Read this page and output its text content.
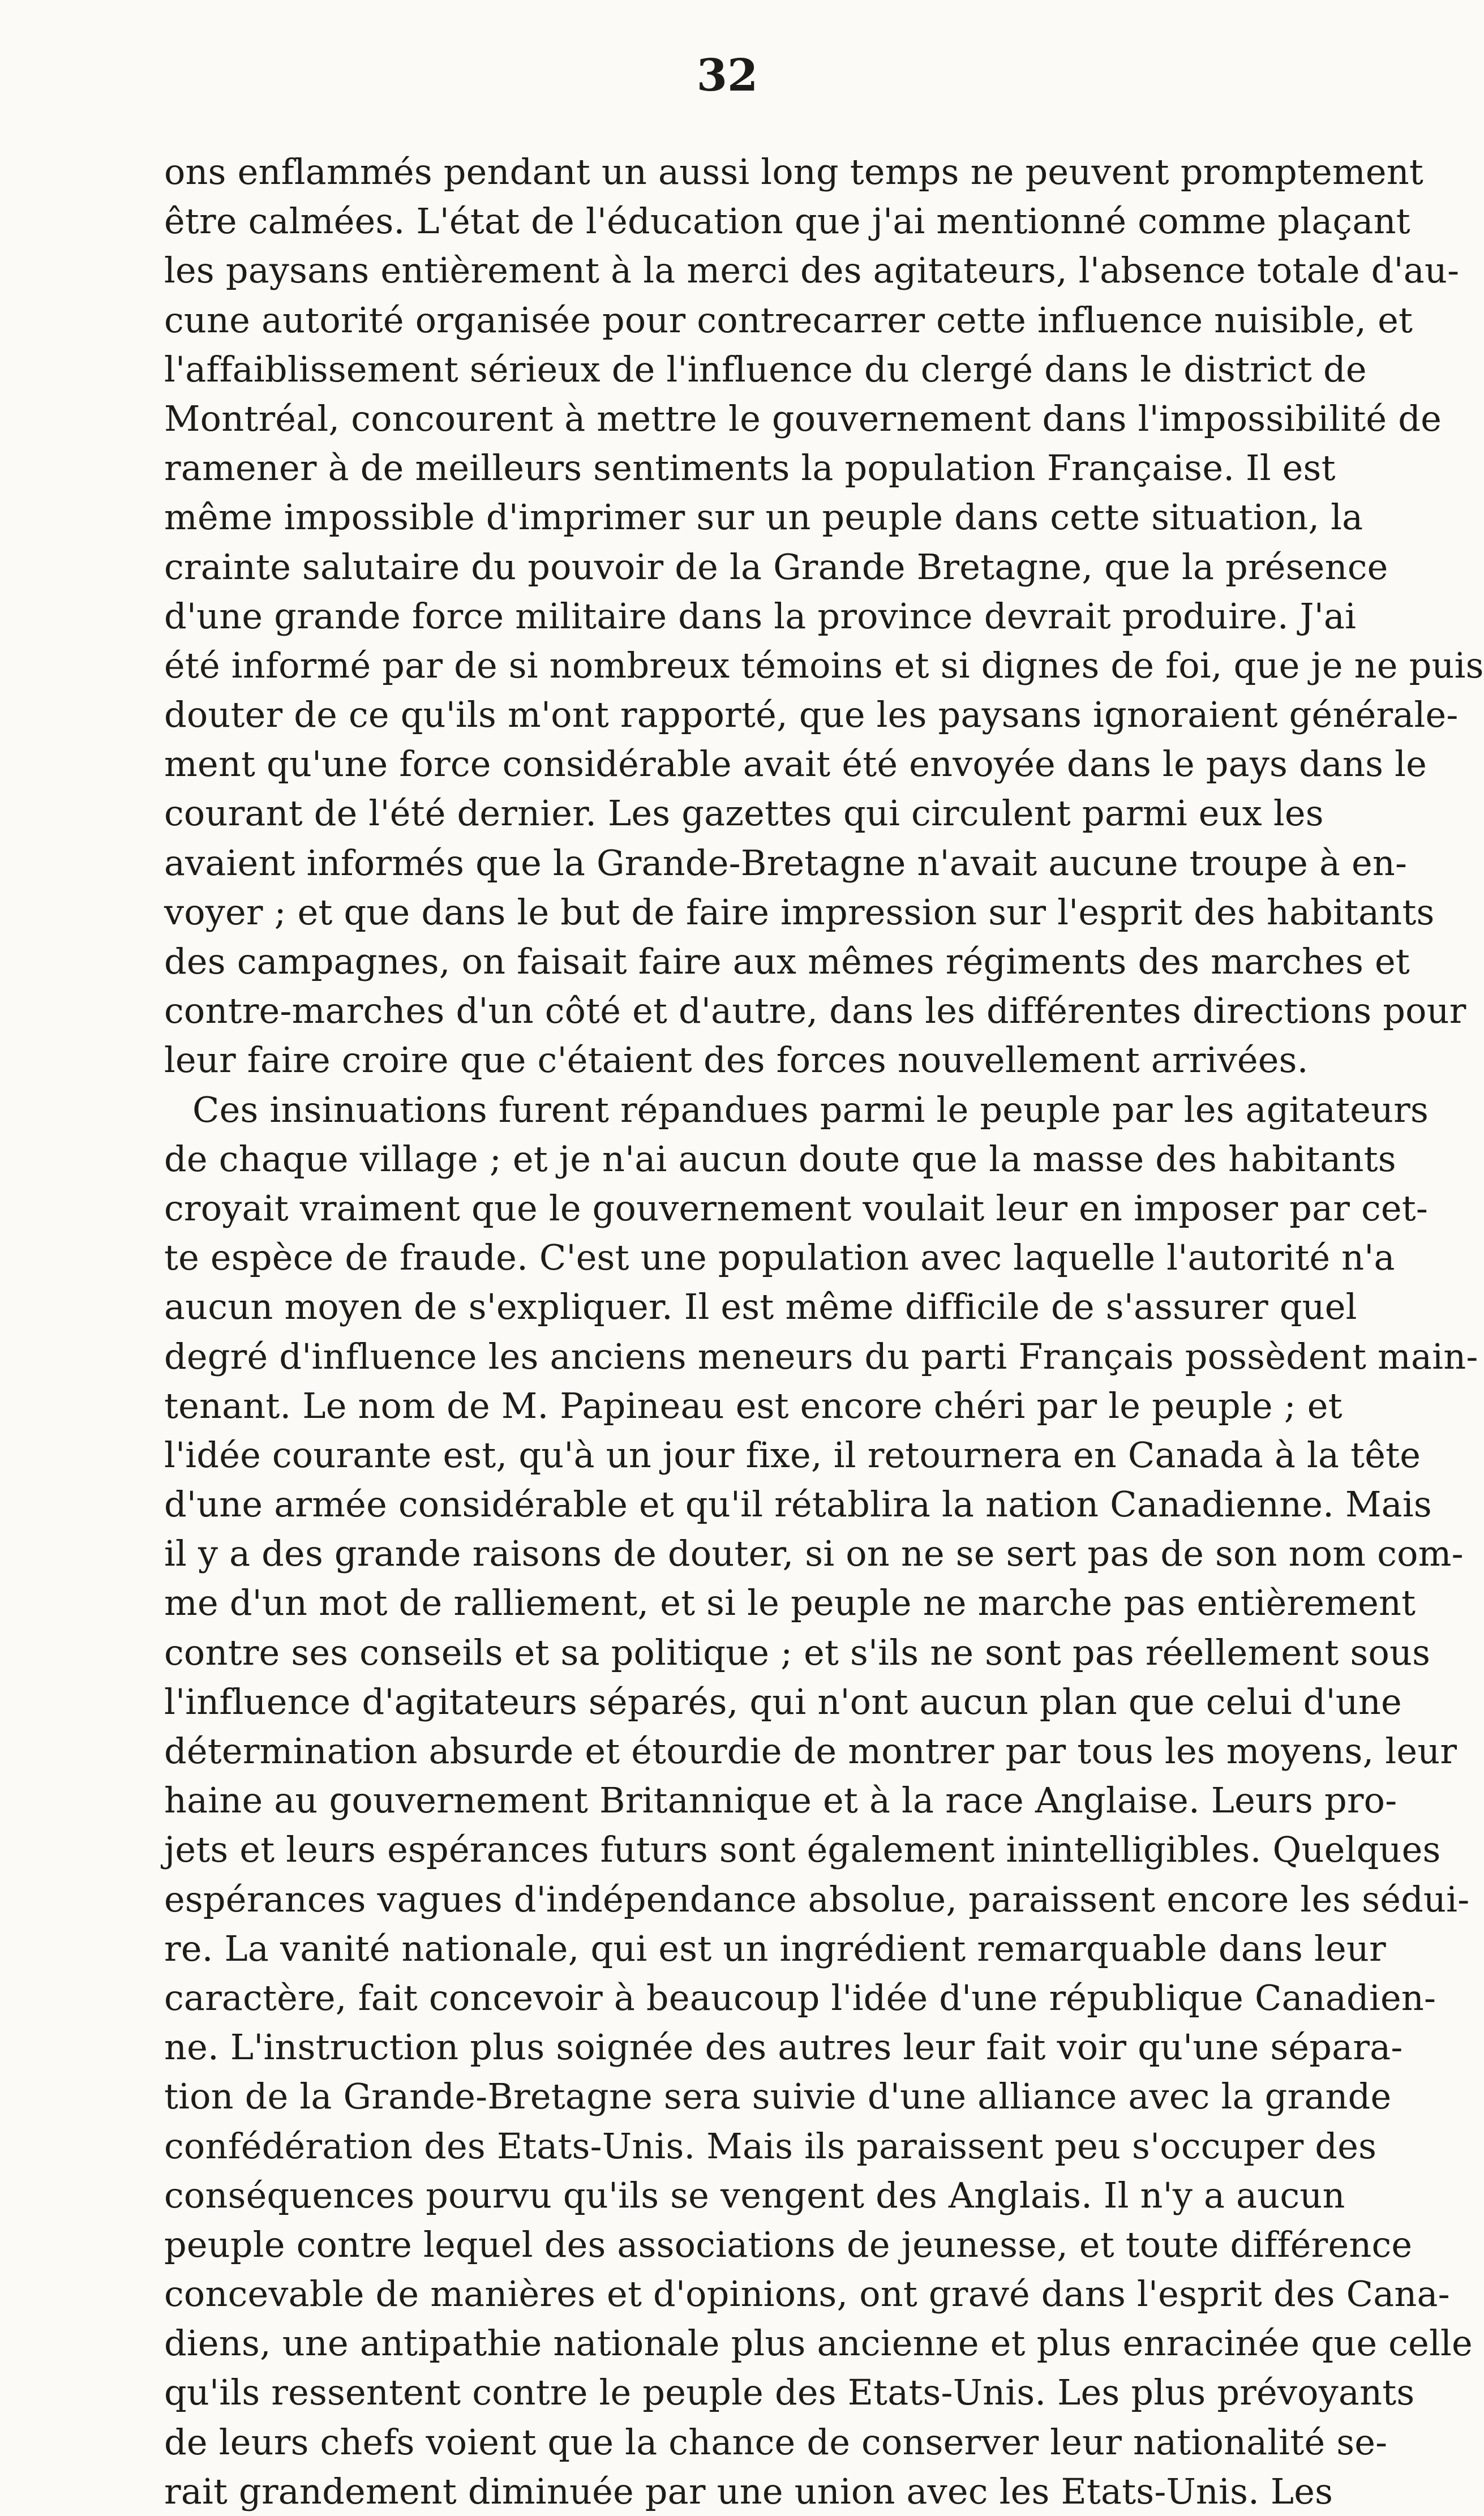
32
ons enflammés pendant un aussi long temps ne peuvent promptement
être calmées. L'état de l'éducation que j'ai mentionné comme plaçant
les paysans entièrement à la merci des agitateurs, l'absence totale d'au-
cune autorité organisée pour contrecarrer cette influence nuisible, et
l'affaiblissement sérieux de l'influence du clergé dans le district de
Montréal, concourent à mettre le gouvernement dans l'impossibilité de
ramener à de meilleurs sentiments la population Française. Il est
même impossible d'imprimer sur un peuple dans cette situation, la
crainte salutaire du pouvoir de la Grande Bretagne, que la présence
d'une grande force militaire dans la province devrait produire. J'ai
été informé par de si nombreux témoins et si dignes de foi, que je ne puis
douter de ce qu'ils m'ont rapporté, que les paysans ignoraient générale-
ment qu'une force considérable avait été envoyée dans le pays dans le
courant de l'été dernier. Les gazettes qui circulent parmi eux les
avaient informés que la Grande-Bretagne n'avait aucune troupe à en-
voyer ; et que dans le but de faire impression sur l'esprit des habitants
des campagnes, on faisait faire aux mêmes régiments des marches et
contre-marches d'un côté et d'autre, dans les différentes directions pour
leur faire croire que c'étaient des forces nouvellement arrivées.
Ces insinuations furent répandues parmi le peuple par les agitateurs
de chaque village ; et je n'ai aucun doute que la masse des habitants
croyait vraiment que le gouvernement voulait leur en imposer par cet-
te espèce de fraude. C'est une population avec laquelle l'autorité n'a
aucun moyen de s'expliquer. Il est même difficile de s'assurer quel
degré d'influence les anciens meneurs du parti Français possèdent main-
tenant. Le nom de M. Papineau est encore chéri par le peuple ; et
l'idée courante est, qu'à un jour fixe, il retournera en Canada à la tête
d'une armée considérable et qu'il rétablira la nation Canadienne. Mais
il y a des grande raisons de douter, si on ne se sert pas de son nom com-
me d'un mot de ralliement, et si le peuple ne marche pas entièrement
contre ses conseils et sa politique ; et s'ils ne sont pas réellement sous
l'influence d'agitateurs séparés, qui n'ont aucun plan que celui d'une
détermination absurde et étourdie de montrer par tous les moyens, leur
haine au gouvernement Britannique et à la race Anglaise. Leurs pro-
jets et leurs espérances futurs sont également inintelligibles. Quelques
espérances vagues d'indépendance absolue, paraissent encore les sédui-
re. La vanité nationale, qui est un ingrédient remarquable dans leur
caractère, fait concevoir à beaucoup l'idée d'une république Canadien-
ne. L'instruction plus soignée des autres leur fait voir qu'une sépara-
tion de la Grande-Bretagne sera suivie d'une alliance avec la grande
confédération des Etats-Unis. Mais ils paraissent peu s'occuper des
conséquences pourvu qu'ils se vengent des Anglais. Il n'y a aucun
peuple contre lequel des associations de jeunesse, et toute différence
concevable de manières et d'opinions, ont gravé dans l'esprit des Cana-
diens, une antipathie nationale plus ancienne et plus enracinée que celle
qu'ils ressentent contre le peuple des Etats-Unis. Les plus prévoyants
de leurs chefs voient que la chance de conserver leur nationalité se-
rait grandement diminuée par une union avec les Etats-Unis. Les
